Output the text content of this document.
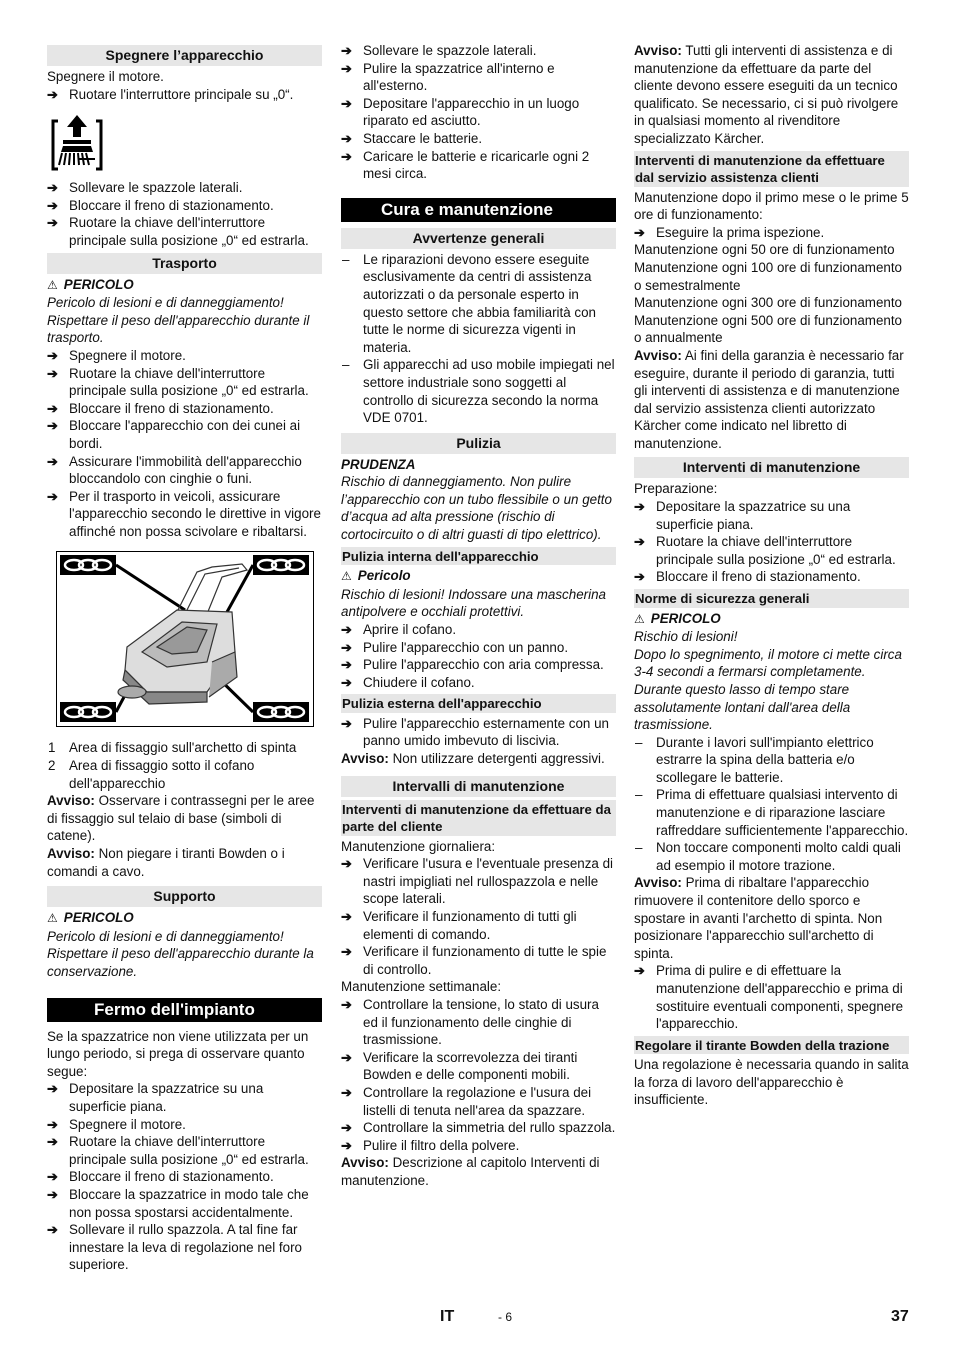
Spegnere l’apparecchio

Spegnere il motore.

➔ Ruotare l'interruttore principale su „0“.

➔ Sollevare le spazzole laterali.

➔ Bloccare il freno di stazionamento.

➔ Ruotare la chiave dell'interruttore principale sulla posizione „0“ ed estrarla.

Trasporto

⚠ PERICOLO

Pericolo di lesioni e di danneggiamento! Rispettare il peso dell'apparecchio durante il trasporto.

➔ Spegnere il motore.

➔ Ruotare la chiave dell'interruttore principale sulla posizione „0“ ed estrarla.

➔ Bloccare il freno di stazionamento.

➔ Bloccare l'apparecchio con dei cunei ai bordi.

➔ Assicurare l'immobilità dell'apparecchio bloccandolo con cinghie o funi.

➔ Per il trasporto in veicoli, assicurare l'apparecchio secondo le direttive in vigore affinché non possa scivolare e ribaltarsi.

1 Area di fissaggio sull'archetto di spinta

2 Area di fissaggio sotto il cofano dell'apparecchio

Avviso: Osservare i contrassegni per le aree di fissaggio sul telaio di base (simboli di catene).

Avviso: Non piegare i tiranti Bowden o i comandi a cavo.

Supporto

⚠ PERICOLO

Pericolo di lesioni e di danneggiamento! Rispettare il peso dell'apparecchio durante la conservazione.

Fermo dell'impianto

Se la spazzatrice non viene utilizzata per un lungo periodo, si prega di osservare quanto segue:

➔ Depositare la spazzatrice su una superficie piana.

➔ Spegnere il motore.

➔ Ruotare la chiave dell'interruttore principale sulla posizione „0“ ed estrarla.

➔ Bloccare il freno di stazionamento.

➔ Bloccare la spazzatrice in modo tale che non possa spostarsi accidentalmente.

➔ Sollevare il rullo spazzola. A tal fine far innestare la leva di regolazione nel foro superiore.

➔ Sollevare le spazzole laterali.

➔ Pulire la spazzatrice all'interno e all'esterno.

➔ Depositare l'apparecchio in un luogo riparato ed asciutto.

➔ Staccare le batterie.

➔ Caricare le batterie e ricaricarle ogni 2 mesi circa.

Cura e manutenzione
Avvertenze generali

– Le riparazioni devono essere eseguite esclusivamente da centri di assistenza autorizzati o da personale esperto in questo settore che abbia familiarità con tutte le norme di sicurezza vigenti in materia.

– Gli apparecchi ad uso mobile impiegati nel settore industriale sono soggetti al controllo di sicurezza secondo la norma VDE 0701.

Pulizia

PRUDENZA

Rischio di danneggiamento. Non pulire l’apparecchio con un tubo flessibile o un getto d’acqua ad alta pressione (rischio di cortocircuito o di altri guasti di tipo elettrico).

Pulizia interna dell'apparecchio

⚠ Pericolo

Rischio di lesioni! Indossare una mascherina antipolvere e occhiali protettivi.

➔ Aprire il cofano.

➔ Pulire l'apparecchio con un panno.

➔ Pulire l'apparecchio con aria compressa.

➔ Chiudere il cofano.

Pulizia esterna dell'apparecchio

➔ Pulire l'apparecchio esternamente con un panno umido imbevuto di liscivia.

Avviso: Non utilizzare detergenti aggressivi.

Intervalli di manutenzione
Interventi di manutenzione da effettuare da parte del cliente

Manutenzione giornaliera:

➔ Verificare l'usura e l'eventuale presenza di nastri impigliati nel rullospazzola e nelle scope laterali.

➔ Verificare il funzionamento di tutti gli elementi di comando.

➔ Verificare il funzionamento di tutte le spie di controllo.

Manutenzione settimanale:

➔ Controllare la tensione, lo stato di usura ed il funzionamento delle cinghie di trasmissione.

➔ Verificare la scorrevolezza dei tiranti Bowden e delle componenti mobili.

➔ Controllare la regolazione e l'usura dei listelli di tenuta nell'area da spazzare.

➔ Controllare la simmetria del rullo spazzola.

➔ Pulire il filtro della polvere.

Avviso: Descrizione al capitolo Interventi di manutenzione.

Avviso: Tutti gli interventi di assistenza e di manutenzione da effettuare da parte del cliente devono essere eseguiti da un tecnico qualificato. Se necessario, ci si può rivolgere in qualsiasi momento al rivenditore specializzato Kärcher.

Interventi di manutenzione da effettuare dal servizio assistenza clienti

Manutenzione dopo il primo mese o le prime 5 ore di funzionamento:

➔ Eseguire la prima ispezione.

Manutenzione ogni 50 ore di funzionamento

Manutenzione ogni 100 ore di funzionamento o semestralmente

Manutenzione ogni 300 ore di funzionamento

Manutenzione ogni 500 ore di funzionamento o annualmente

Avviso: Ai fini della garanzia è necessario far eseguire, durante il periodo di garanzia, tutti gli interventi di assistenza e di manutenzione dal servizio assistenza clienti autorizzato Kärcher come indicato nel libretto di manutenzione.

Interventi di manutenzione

Preparazione:

➔ Depositare la spazzatrice su una superficie piana.

➔ Ruotare la chiave dell'interruttore principale sulla posizione „0“ ed estrarla.

➔ Bloccare il freno di stazionamento.

Norme di sicurezza generali

⚠ PERICOLO

Rischio di lesioni!

Dopo lo spegnimento, il motore ci mette circa 3-4 secondi a fermarsi completamente. Durante questo lasso di tempo stare assolutamente lontani dall'area della trasmissione.

– Durante i lavori sull'impianto elettrico estrarre la spina della batteria e/o scollegare le batterie.

– Prima di effettuare qualsiasi intervento di manutenzione e di riparazione lasciare raffreddare sufficientemente l'apparecchio.

– Non toccare componenti molto caldi quali ad esempio il motore trazione.

Avviso: Prima di ribaltare l'apparecchio rimuovere il contenitore dello sporco e spostare in avanti l'archetto di spinta. Non posizionare l'apparecchio sull'archetto di spinta.

➔ Prima di pulire e di effettuare la manutenzione dell'apparecchio e prima di sostituire eventuali componenti, spegnere l'apparecchio.

Regolare il tirante Bowden della trazione

Una regolazione è necessaria quando in salita la forza di lavoro dell'apparecchio è insufficiente.

IT	- 6	37
